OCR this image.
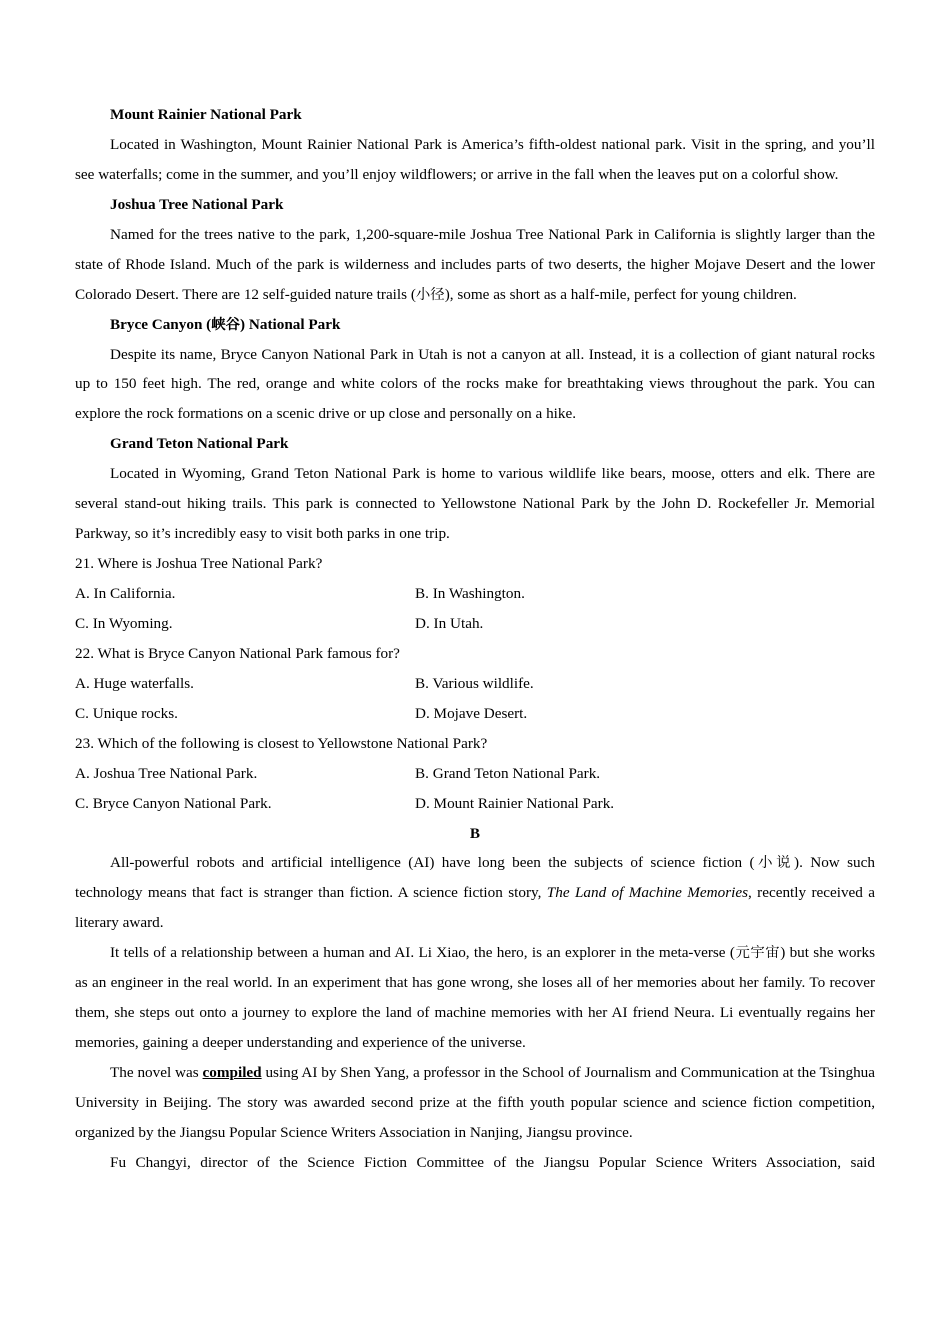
Mount Rainier National Park

Located in Washington, Mount Rainier National Park is America’s fifth-oldest national park. Visit in the spring, and you’ll see waterfalls; come in the summer, and you’ll enjoy wildflowers; or arrive in the fall when the leaves put on a colorful show.

Joshua Tree National Park

Named for the trees native to the park, 1,200-square-mile Joshua Tree National Park in California is slightly larger than the state of Rhode Island. Much of the park is wilderness and includes parts of two deserts, the higher Mojave Desert and the lower Colorado Desert. There are 12 self-guided nature trails (小径), some as short as a half-mile, perfect for young children.

Bryce Canyon (峡谷) National Park

Despite its name, Bryce Canyon National Park in Utah is not a canyon at all. Instead, it is a collection of giant natural rocks up to 150 feet high. The red, orange and white colors of the rocks make for breathtaking views throughout the park. You can explore the rock formations on a scenic drive or up close and personally on a hike.

Grand Teton National Park

Located in Wyoming, Grand Teton National Park is home to various wildlife like bears, moose, otters and elk. There are several stand-out hiking trails. This park is connected to Yellowstone National Park by the John D. Rockefeller Jr. Memorial Parkway, so it’s incredibly easy to visit both parks in one trip.

21. Where is Joshua Tree National Park?

A. In California.	B. In Washington.
C. In Wyoming.	D. In Utah.

22. What is Bryce Canyon National Park famous for?

A. Huge waterfalls.	B. Various wildlife.
C. Unique rocks.	D. Mojave Desert.

23. Which of the following is closest to Yellowstone National Park?

A. Joshua Tree National Park.	B. Grand Teton National Park.
C. Bryce Canyon National Park.	D. Mount Rainier National Park.

B

All-powerful robots and artificial intelligence (AI) have long been the subjects of science fiction (小说). Now such technology means that fact is stranger than fiction. A science fiction story, The Land of Machine Memories, recently received a literary award.

It tells of a relationship between a human and AI. Li Xiao, the hero, is an explorer in the meta-verse (元宇宙) but she works as an engineer in the real world. In an experiment that has gone wrong, she loses all of her memories about her family. To recover them, she steps out onto a journey to explore the land of machine memories with her AI friend Neura. Li eventually regains her memories, gaining a deeper understanding and experience of the universe.

The novel was compiled using AI by Shen Yang, a professor in the School of Journalism and Communication at the Tsinghua University in Beijing. The story was awarded second prize at the fifth youth popular science and science fiction competition, organized by the Jiangsu Popular Science Writers Association in Nanjing, Jiangsu province.

Fu Changyi, director of the Science Fiction Committee of the Jiangsu Popular Science Writers Association, said
